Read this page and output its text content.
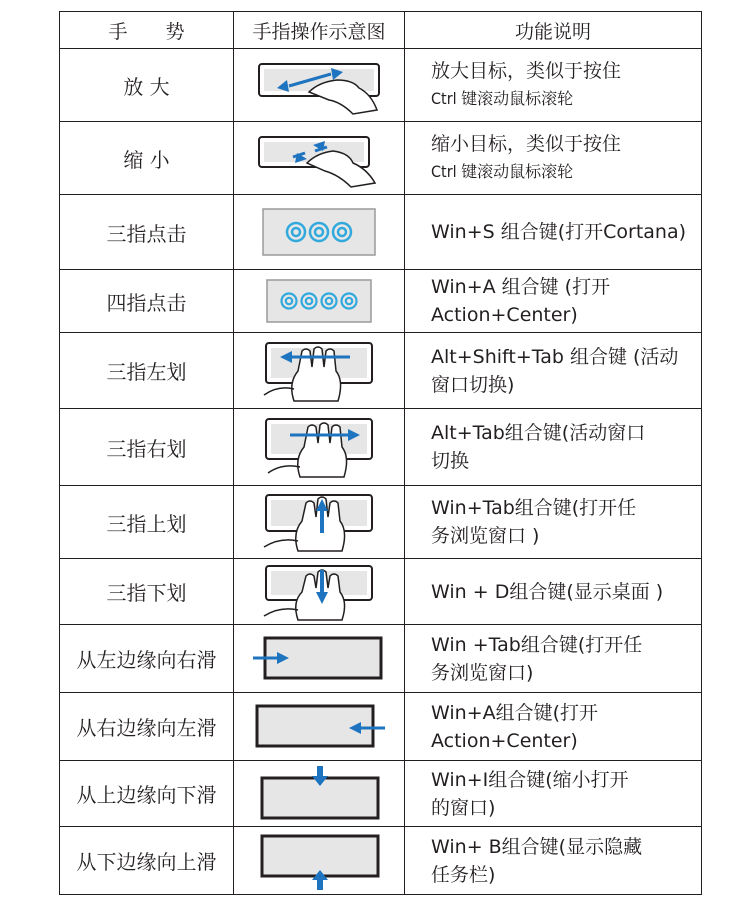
手　　势	手指操作示意图	功能说明
放 大		放大目标，类似于按住
Ctrl 键滚动鼠标滚轮

缩 小		缩小目标，类似于按住
Ctrl 键滚动鼠标滚轮

三指点击		Win+S 组合键(打开Cortana)

四指点击		Win+A 组合键 (打开
Action+Center)

三指左划		Alt+Shift+Tab 组合键 (活动
窗口切换)

三指右划		Alt+Tab组合键(活动窗口
切换

三指上划		Win+Tab组合键(打开任
务浏览窗口 )

三指下划		Win + D组合键(显示桌面 )

从左边缘向右滑		Win +Tab组合键(打开任
务浏览窗口)

从右边缘向左滑		Win+A组合键(打开
Action+Center)

从上边缘向下滑		Win+I组合键(缩小打开
的窗口)

从下边缘向上滑		Win+ B组合键(显示隐藏
任务栏)
